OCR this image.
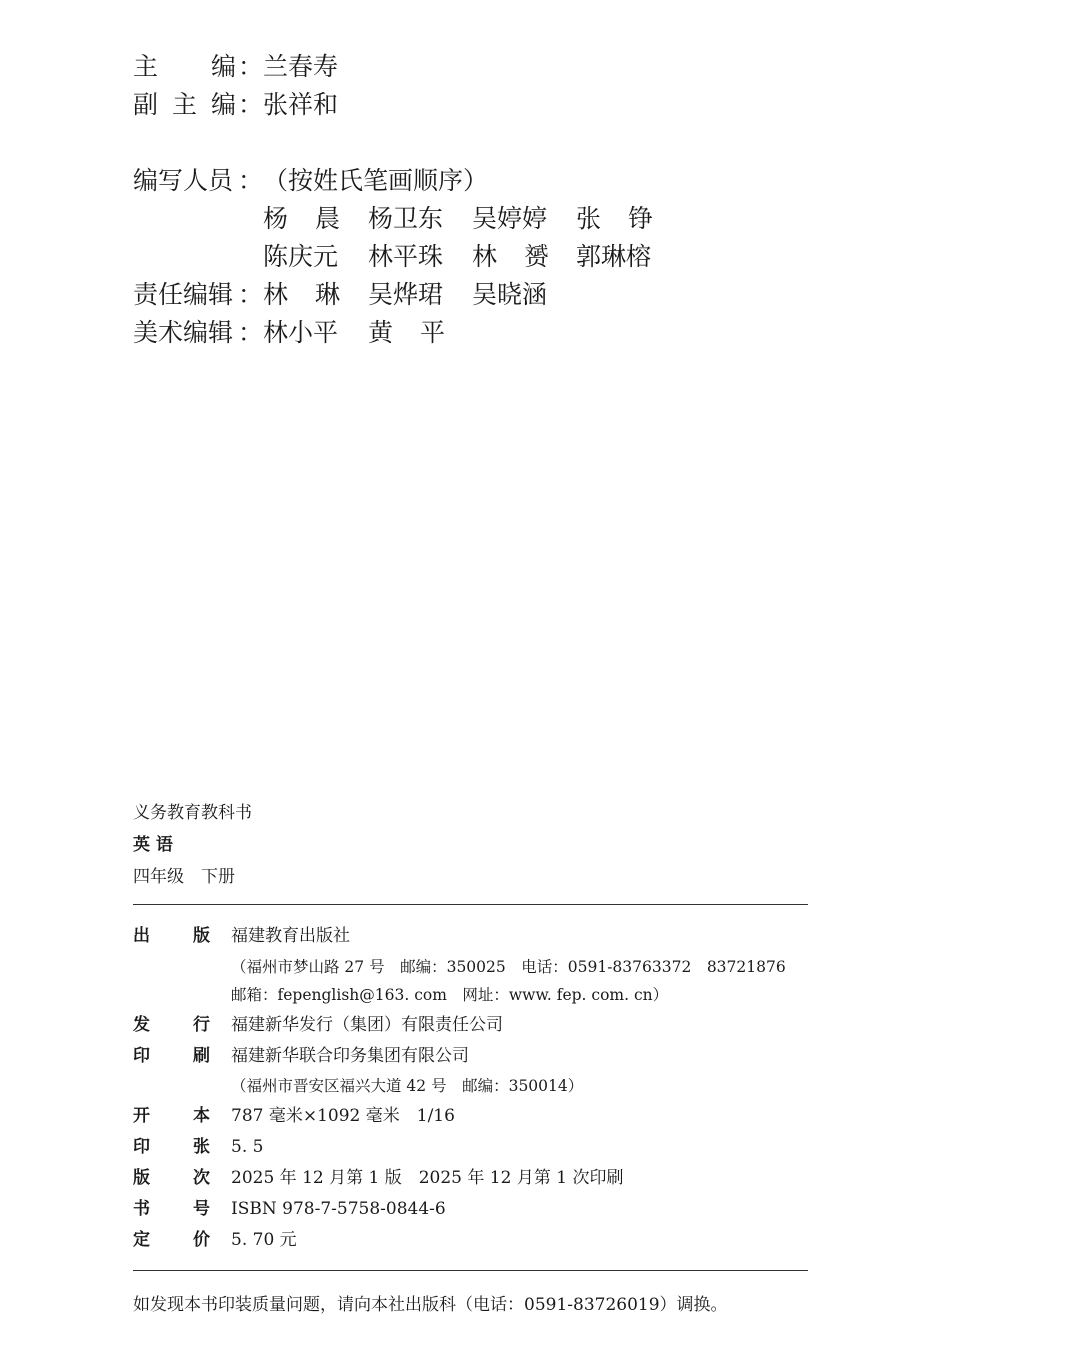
主 编 ： 兰春寿
副 主 编 ： 张祥和
编写人员 ： （按姓氏笔画顺序）
杨 晨 杨卫东 吴婷婷 张 铮
陈庆元 林平珠 林 赟 郭琳榕
责任编辑 ： 林 琳 吴烨珺 吴晓涵
美术编辑 ： 林小平 黄 平
义务教育教科书
英 语
四年级　下册
出	版 福建教育出版社
（福州市梦山路 27 号　邮编：350025　电话：0591-83763372　83721876
邮箱：fepenglish@163. com　网址：www. fep. com. cn）
发	行 福建新华发行（集团）有限责任公司
印	刷 福建新华联合印务集团有限公司
（福州市晋安区福兴大道 42 号　邮编：350014）
开	本 787 毫米×1092 毫米　1/16
印	张 5. 5
版	次 2025 年 12 月第 1 版　2025 年 12 月第 1 次印刷
书	号 ISBN 978-7-5758-0844-6
定	价 5. 70 元
如发现本书印装质量问题，请向本社出版科（电话：0591-83726019）调换。
